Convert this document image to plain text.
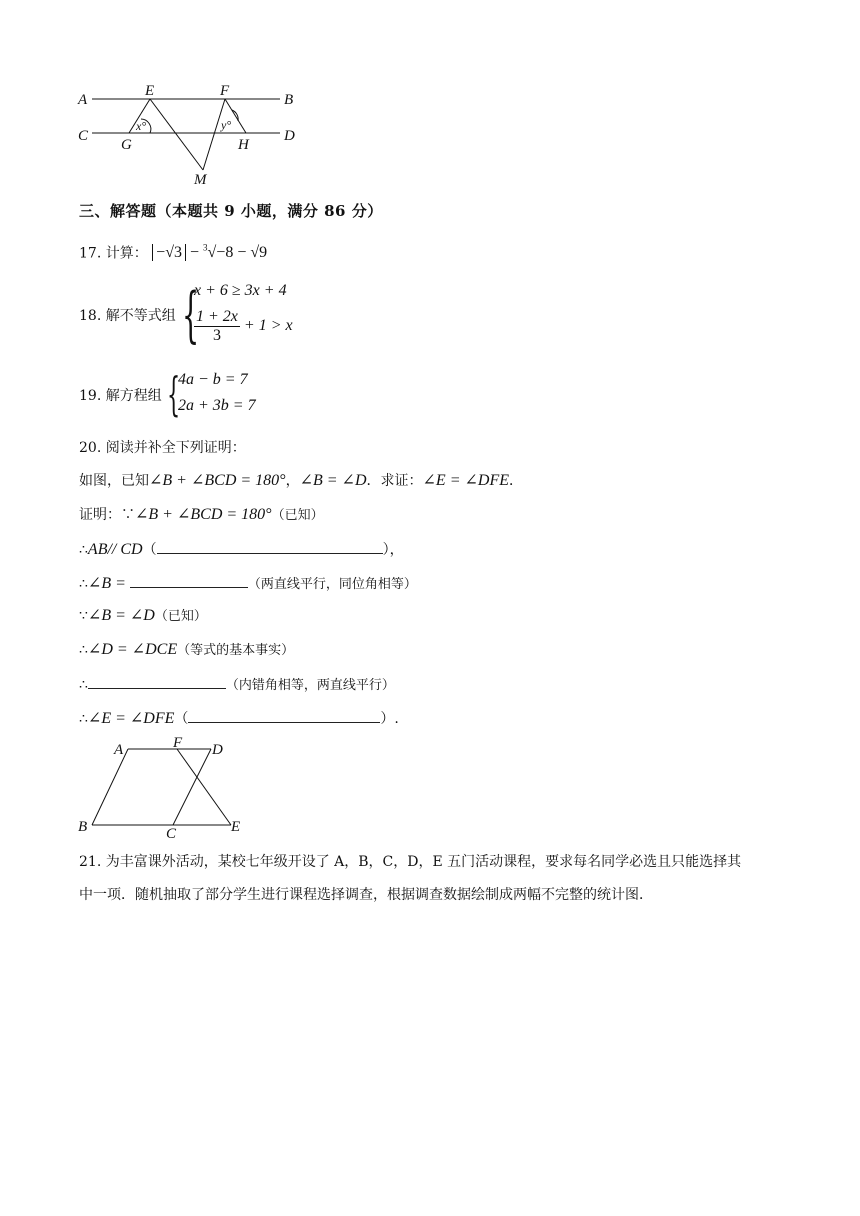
A	B
C	D
E	F
G	H
M
x°	y°
三、解答题（本题共 9 小题，满分 86 分）
17. 计算： −√3 − $^3$√−8 − √9
18. 解不等式组 {
x + 6 ≥ 3x + 4
$\frac{1 + 2x}{3} + 1 > x$
19. 解方程组 {
4a − b = 7
2a + 3b = 7
20. 阅读并补全下列证明：
如图，已知∠B + ∠BCD = 180°，∠B = ∠D．求证：∠E = ∠DFE．
证明：∵∠B + ∠BCD = 180°（已知）
∴AB// CD（	），
∴∠B =	（两直线平行，同位角相等）
∵∠B = ∠D（已知）
∴∠D = ∠DCE（等式的基本事实）
∴	（内错角相等，两直线平行）
∴∠E = ∠DFE（	）.
A	F D
B	C	E
21. 为丰富课外活动，某校七年级开设了 A，B，C，D，E 五门活动课程，要求每名同学必选且只能选择其
中一项．随机抽取了部分学生进行课程选择调查，根据调查数据绘制成两幅不完整的统计图．
